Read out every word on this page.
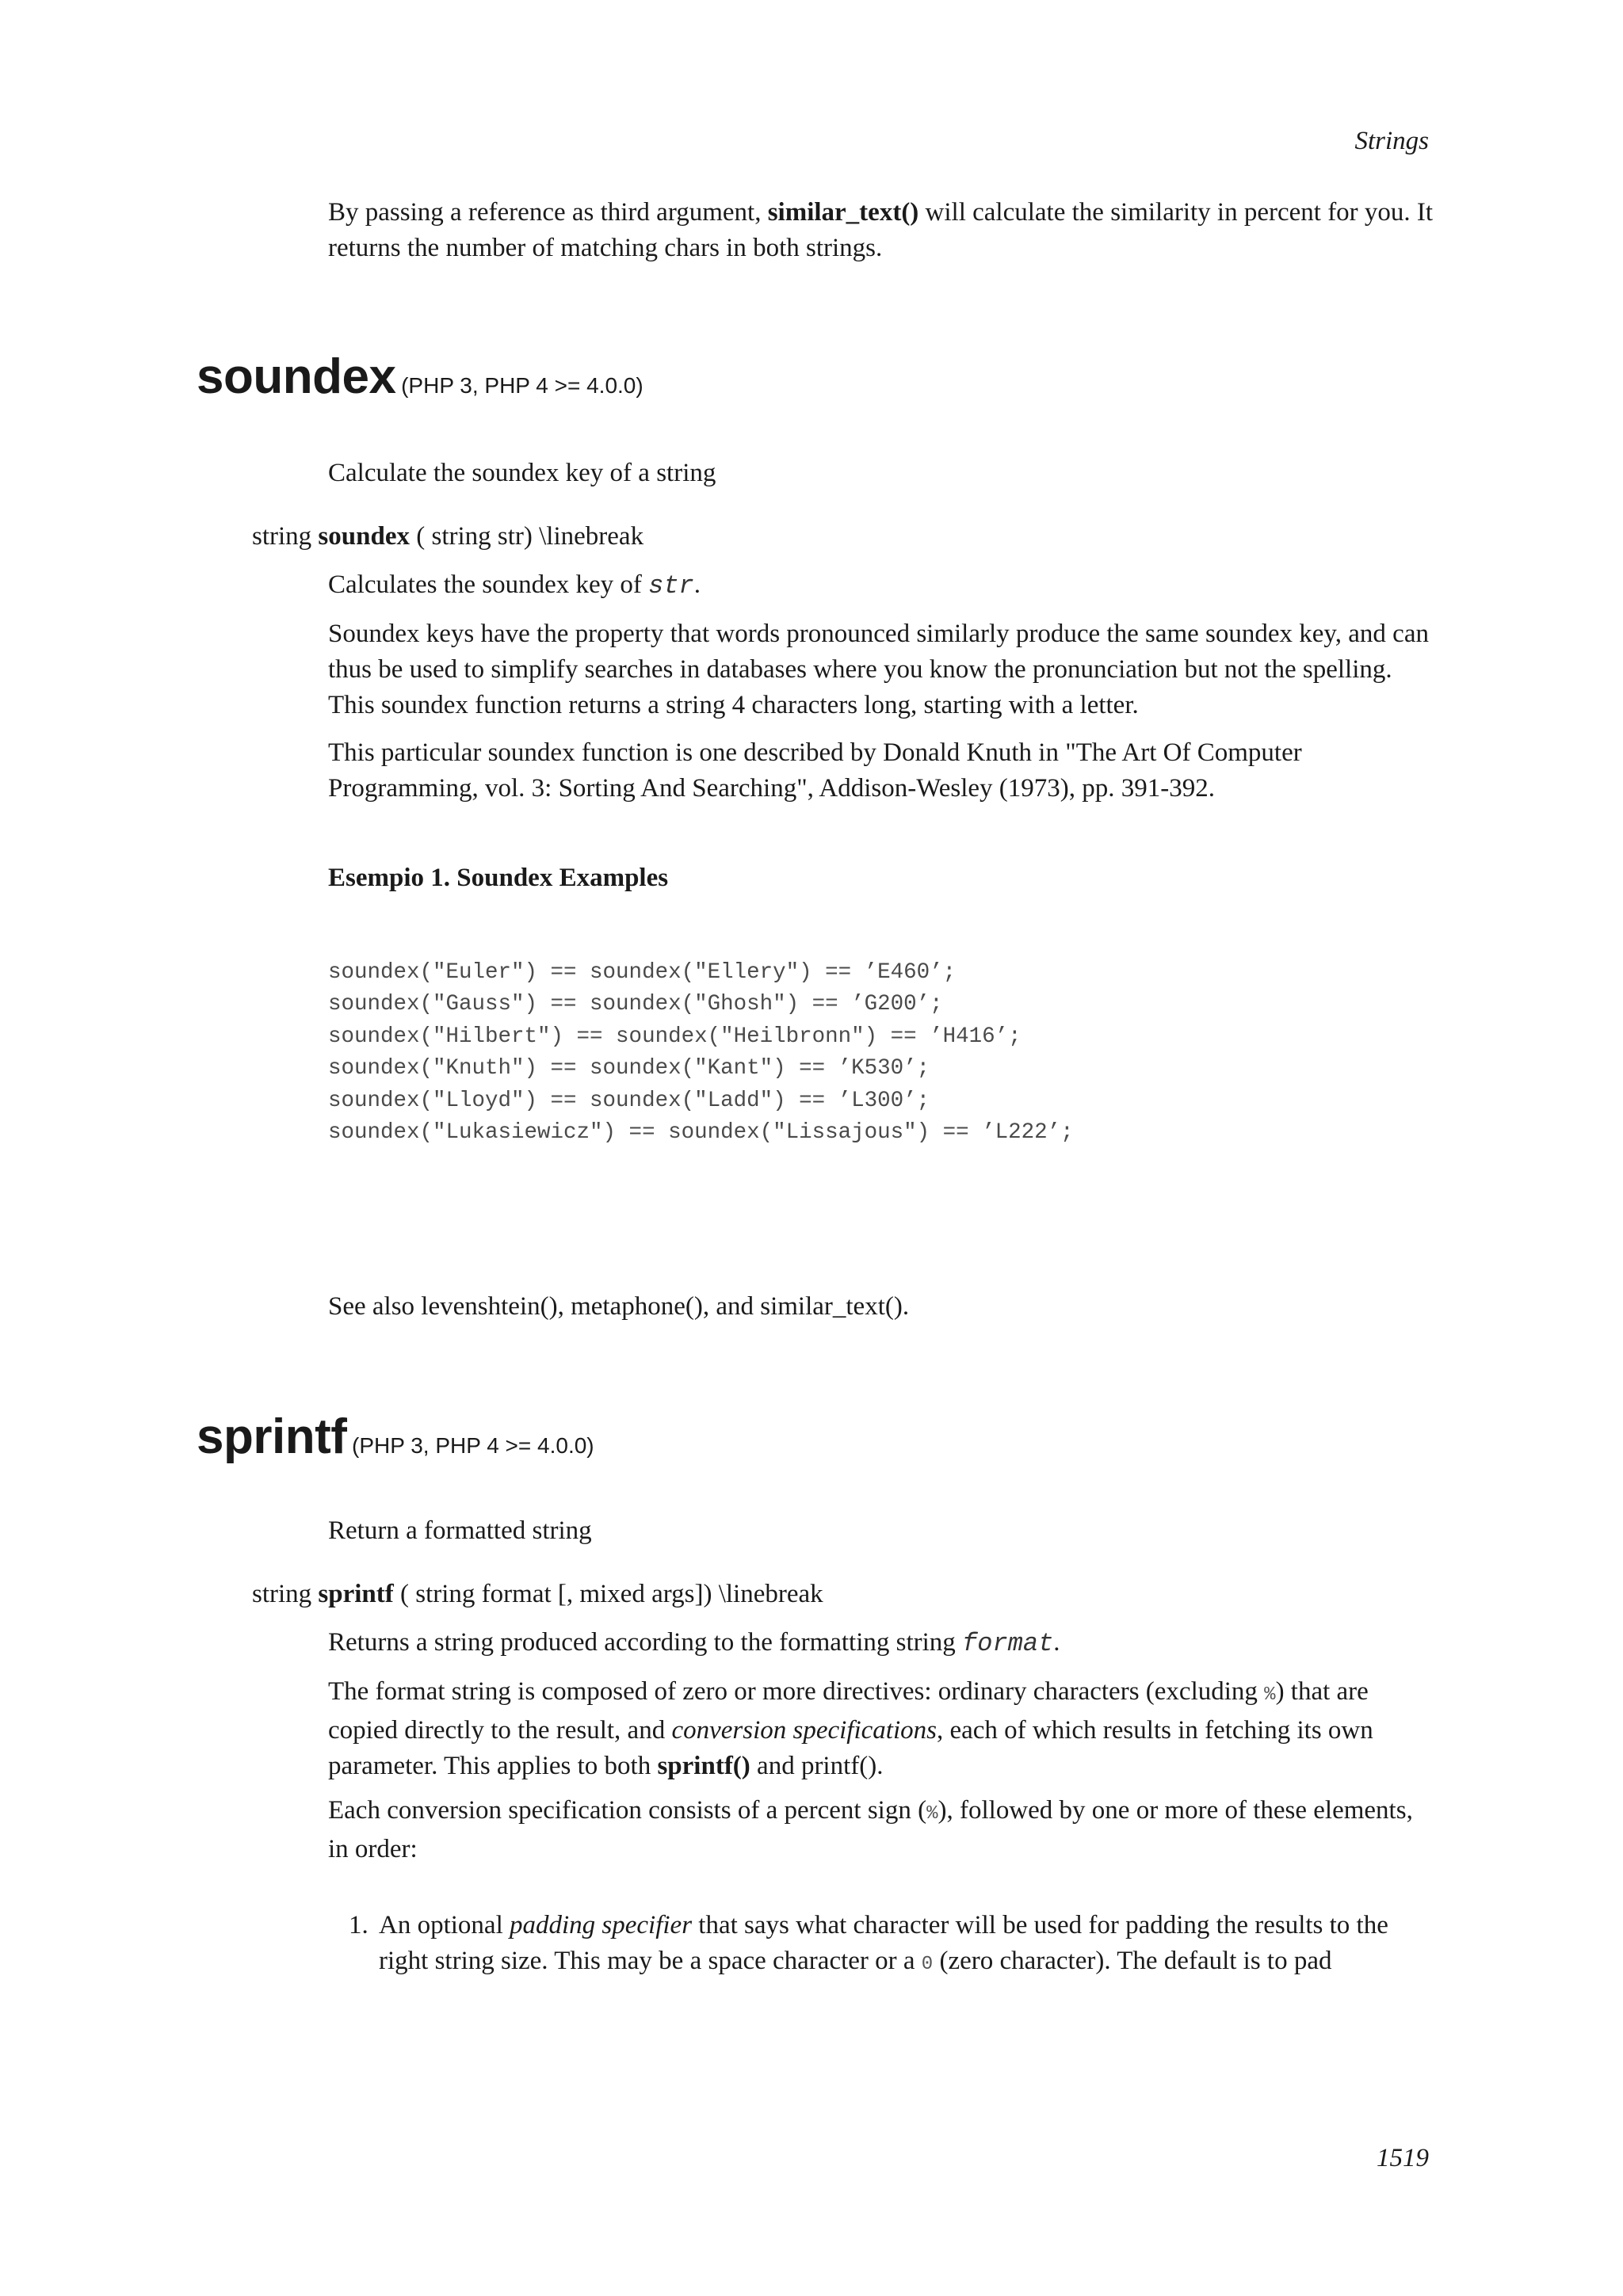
Strings

By passing a reference as third argument, similar_text() will calculate the similarity in percent for you. It returns the number of matching chars in both strings.

soundex (PHP 3, PHP 4 >= 4.0.0)

Calculate the soundex key of a string

string soundex ( string str) \linebreak

Calculates the soundex key of str.

Soundex keys have the property that words pronounced similarly produce the same soundex key, and can thus be used to simplify searches in databases where you know the pronunciation but not the spelling. This soundex function returns a string 4 characters long, starting with a letter.

This particular soundex function is one described by Donald Knuth in "The Art Of Computer Programming, vol. 3: Sorting And Searching", Addison-Wesley (1973), pp. 391-392.

Esempio 1. Soundex Examples

soundex("Euler") == soundex("Ellery") == ’E460’;
soundex("Gauss") == soundex("Ghosh") == ’G200’;
soundex("Hilbert") == soundex("Heilbronn") == ’H416’;
soundex("Knuth") == soundex("Kant") == ’K530’;
soundex("Lloyd") == soundex("Ladd") == ’L300’;
soundex("Lukasiewicz") == soundex("Lissajous") == ’L222’;

See also levenshtein(), metaphone(), and similar_text().

sprintf (PHP 3, PHP 4 >= 4.0.0)

Return a formatted string

string sprintf ( string format [, mixed args]) \linebreak

Returns a string produced according to the formatting string format.

The format string is composed of zero or more directives: ordinary characters (excluding %) that are copied directly to the result, and conversion specifications, each of which results in fetching its own parameter. This applies to both sprintf() and printf().

Each conversion specification consists of a percent sign (%), followed by one or more of these elements, in order:

1. An optional padding specifier that says what character will be used for padding the results to the right string size. This may be a space character or a 0 (zero character). The default is to pad
1519
